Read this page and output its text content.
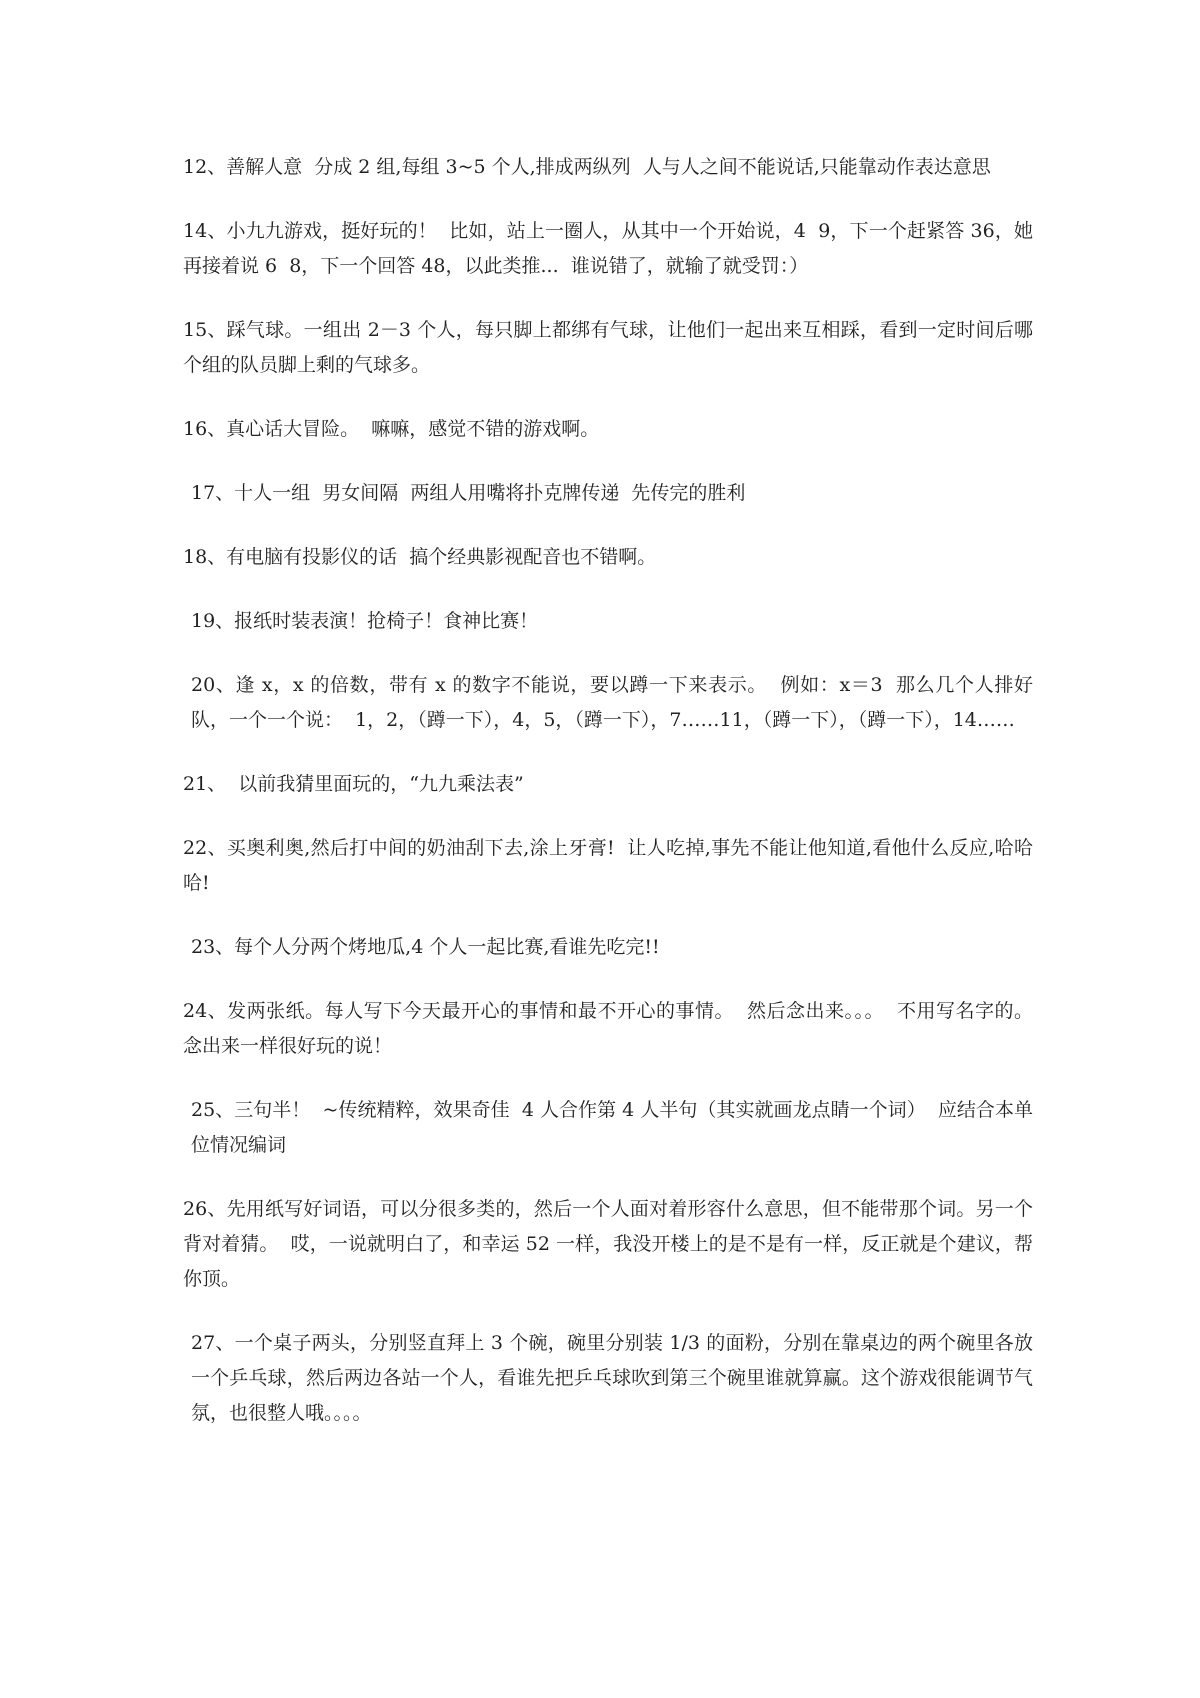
12、善解人意  分成 2 组,每组 3~5 个人,排成两纵列  人与人之间不能说话,只能靠动作表达意思

14、小九九游戏，挺好玩的！  比如，站上一圈人，从其中一个开始说，4  9，下一个赶紧答 36，她再接着说 6  8，下一个回答 48，以此类推...  谁说错了，就输了就受罚：）

15、踩气球。一组出 2－3 个人，每只脚上都绑有气球，让他们一起出来互相踩，看到一定时间后哪个组的队员脚上剩的气球多。

16、真心话大冒险。  嘛嘛，感觉不错的游戏啊。

17、十人一组  男女间隔  两组人用嘴将扑克牌传递  先传完的胜利

18、有电脑有投影仪的话  搞个经典影视配音也不错啊。

19、报纸时装表演！抢椅子！食神比赛！

20、逢 x，x 的倍数，带有 x 的数字不能说，要以蹲一下来表示。  例如：x＝3  那么几个人排好队，一个一个说：  1，2，（蹲一下），4，5，（蹲一下），7……11，（蹲一下），（蹲一下），14……

21、  以前我猜里面玩的，“九九乘法表”

22、买奥利奥,然后打中间的奶油刮下去,涂上牙膏!  让人吃掉,事先不能让他知道,看他什么反应,哈哈哈!

23、每个人分两个烤地瓜,4 个人一起比赛,看谁先吃完!!

24、发两张纸。每人写下今天最开心的事情和最不开心的事情。  然后念出来。。。  不用写名字的。  念出来一样很好玩的说！

25、三句半！  ~传统精粹，效果奇佳  4 人合作第 4 人半句（其实就画龙点睛一个词）  应结合本单位情况编词

26、先用纸写好词语，可以分很多类的，然后一个人面对着形容什么意思，但不能带那个词。另一个背对着猜。  哎，一说就明白了，和幸运 52 一样，我没开楼上的是不是有一样，反正就是个建议，帮你顶。

27、一个桌子两头，分别竖直拜上 3 个碗，碗里分别装 1/3 的面粉，分别在靠桌边的两个碗里各放一个乒乓球，然后两边各站一个人，看谁先把乒乓球吹到第三个碗里谁就算赢。这个游戏很能调节气氛，也很整人哦。。。。
